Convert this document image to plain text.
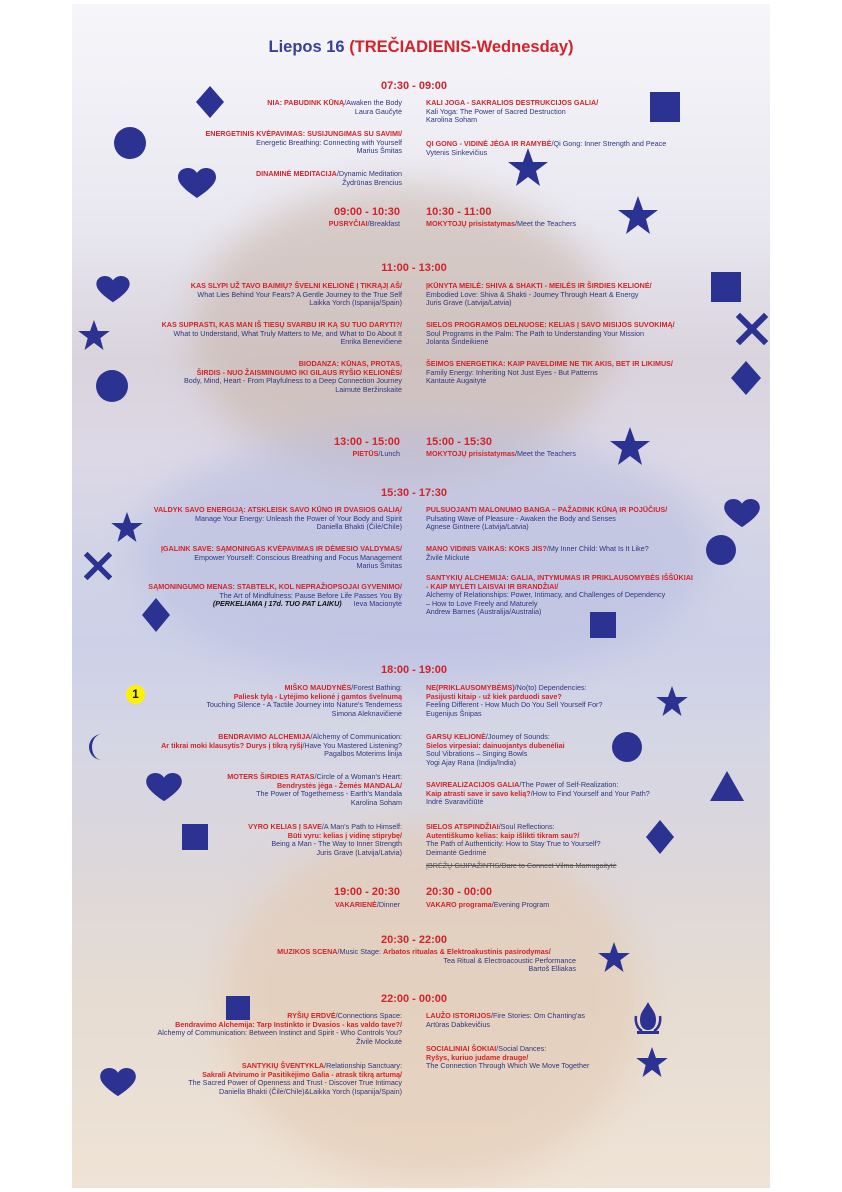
Liepos 16 (TREČIADIENIS-Wednesday)
07:30 - 09:00
NIA: PABUDINK KŪNĄ/Awaken the Body
Laura Gaučytė
KALI JOGA - SAKRALIOS DESTRUKCIJOS GALIA/
Kali Yoga: The Power of Sacred Destruction
Karolina Soham
ENERGETINIS KVĖPAVIMAS: SUSIJUNGIMAS SU SAVIMI/
Energetic Breathing: Connecting with Yourself
Marius Šmitas
QI GONG - VIDINĖ JĖGA IR RAMYBĖ/Qi Gong: Inner Strength and Peace
Vytenis Sinkevičius
DINAMINĖ MEDITACIJA/Dynamic Meditation
Žydrūnas Brencius
09:00 - 10:30 10:30 - 11:00
PUSRYČIAI/Breakfast	MOKYTOJŲ prisistatymas/Meet the Teachers
11:00 - 13:00
KAS SLYPI UŽ TAVO BAIMIŲ? ŠVELNI KELIONĖ Į TIKRĄJĮ AŠ/
What Lies Behind Your Fears? A Gentle Journey to the True Self
Laikka Yorch (Ispanija/Spain)
ĮKŪNYTA MEILĖ: SHIVA & SHAKTI - MEILĖS IR ŠIRDIES KELIONĖ/
Embodied Love: Shiva & Shakti - Journey Through Heart & Energy
Juris Grave (Latvija/Latvia)
KAS SUPRASTI, KAS MAN IŠ TIESŲ SVARBU IR KĄ SU TUO DARYTI?/
What to Understand, What Truly Matters to Me, and What to Do About It
Enrika Benevičienė
SIELOS PROGRAMOS DELNUOSE: KELIAS Į SAVO MISIJOS SUVOKIMĄ/
Soul Programs in the Palm: The Path to Understanding Your Mission
Jolanta Šindeikienė
BIODANZA: KŪNAS, PROTAS,
ŠIRDIS - NUO ŽAISMINGUMO IKI GILAUS RYŠIO KELIONĖS/
Body, Mind, Heart - From Playfulness to a Deep Connection Journey
Laimutė Beržinskaitė
ŠEIMOS ENERGETIKA: KAIP PAVELDIME NE TIK AKIS, BET IR LIKIMUS/
Family Energy: Inheriting Not Just Eyes - But Patterns
Kantautė Augaitytė
13:00 - 15:00 15:00 - 15:30
PIETŪS/Lunch	MOKYTOJŲ prisistatymas/Meet the Teachers
15:30 - 17:30
VALDYK SAVO ENERGIJĄ: ATSKLEISK SAVO KŪNO IR DVASIOS GALIĄ/
Manage Your Energy: Unleash the Power of Your Body and Spirit
Daniella Bhakti (Čilė/Chile)
PULSUOJANTI MALONUMO BANGA – PAŽADINK KŪNĄ IR POJŪČIUS/
Pulsating Wave of Pleasure - Awaken the Body and Senses
Agnese Gintnere (Latvija/Latvia)
ĮGALINK SAVE: SĄMONINGAS KVĖPAVIMAS IR DĖMESIO VALDYMAS/
Empower Yourself: Conscious Breathing and Focus Management
Marius Šmitas
MANO VIDINIS VAIKAS: KOKS JIS?/My Inner Child: What Is It Like?
Živilė Mickutė
SĄMONINGUMO MENAS: STABTELK, KOL NEPRAŽIOPSOJAI GYVENIMO/
The Art of Mindfulness: Pause Before Life Passes You By
(PERKELIAMA Į 17d. TUO PAT LAIKU) Ieva Macionytė
SANTYKIŲ ALCHEMIJA: GALIA, INTYMUMAS IR PRIKLAUSOMYBĖS IŠŠŪKIAI
- KAIP MYLĖTI LAISVAI IR BRANDŽIAI/
Alchemy of Relationships: Power, Intimacy, and Challenges of Dependency
– How to Love Freely and Maturely
Andrew Barnes (Australija/Australia)
18:00 - 19:00
MIŠKO MAUDYNĖS/Forest Bathing:
Paliesk tylą - Lytėjimo kelionė į gamtos švelnumą
Touching Silence - A Tactile Journey into Nature's Tenderness
Simona Aleknavičienė
NE(PRIKLAUSOMYBĖMS)/No(to) Dependencies:
Pasijusti kitaip - už kiek parduodi save?
Feeling Different - How Much Do You Sell Yourself For?
Eugenijus Šnipas
BENDRAVIMO ALCHEMIJA/Alchemy of Communication:
Ar tikrai moki klausytis? Durys į tikrą ryšį/Have You Mastered Listening?
Pagalbos Moterims linija
GARSŲ KELIONĖ/Journey of Sounds:
Sielos virpesiai: dainuojantys dubenėliai
Soul Vibrations – Singing Bowls
Yogi Ajay Rana (Indija/India)
MOTERS ŠIRDIES RATAS/Circle of a Woman's Heart:
Bendrystės jėga - Žemės MANDALA/
The Power of Togetherness - Earth's Mandala
Karolina Soham
SAVIREALIZACIJOS GALIA/The Power of Self-Realization:
Kaip atrasti save ir savo kelią?/How to Find Yourself and Your Path?
Indrė Svaravičiūtė
VYRO KELIAS Į SAVE/A Man's Path to Himself:
Būti vyru: kelias į vidinę stiprybę/
Being a Man - The Way to Inner Strength
Juris Grave (Latvija/Latvia)
SIELOS ATSPINDŽIAI/Soul Reflections:
Autentiškumo kelias: kaip išlikti tikram sau?/
The Path of Authenticity: How to Stay True to Yourself?
Deimantė Gedrimė
ĮBRĖŽŲ GIJIPAŽINTIS/Dare to Connect Vilma Mamugaitytė
19:00 - 20:30 20:30 - 00:00
VAKARIENĖ/Dinner	VAKARO programa/Evening Program
20:30 - 22:00
MUZIKOS SCENA/Music Stage: Arbatos ritualas & Elektroakustinis pasirodymas/
Tea Ritual & Electroacoustic Performance
Bartoš Elliakas
22:00 - 00:00
RYŠIŲ ERDVĖ/Connections Space:
Bendravimo Alchemija: Tarp Instinkto ir Dvasios - kas valdo tave?/
Alchemy of Communication: Between Instinct and Spirit - Who Controls You?
Živilė Mockutė
LAUŽO ISTORIJOS/Fire Stories: Om Chanting'as
Artūras Dabkevičius
SOCIALINIAI ŠOKIAI/Social Dances:
Ryšys, kuriuo judame drauge/
The Connection Through Which We Move Together
SANTYKIŲ ŠVENTYKLA/Relationship Sanctuary:
Sakrali Atvirumo ir Pasitikėjimo Galia - atrask tikrą artumą/
The Sacred Power of Openness and Trust - Discover True Intimacy
Daniella Bhakti (Čilė/Chile)&Laikka Yorch (Ispanija/Spain)
1
